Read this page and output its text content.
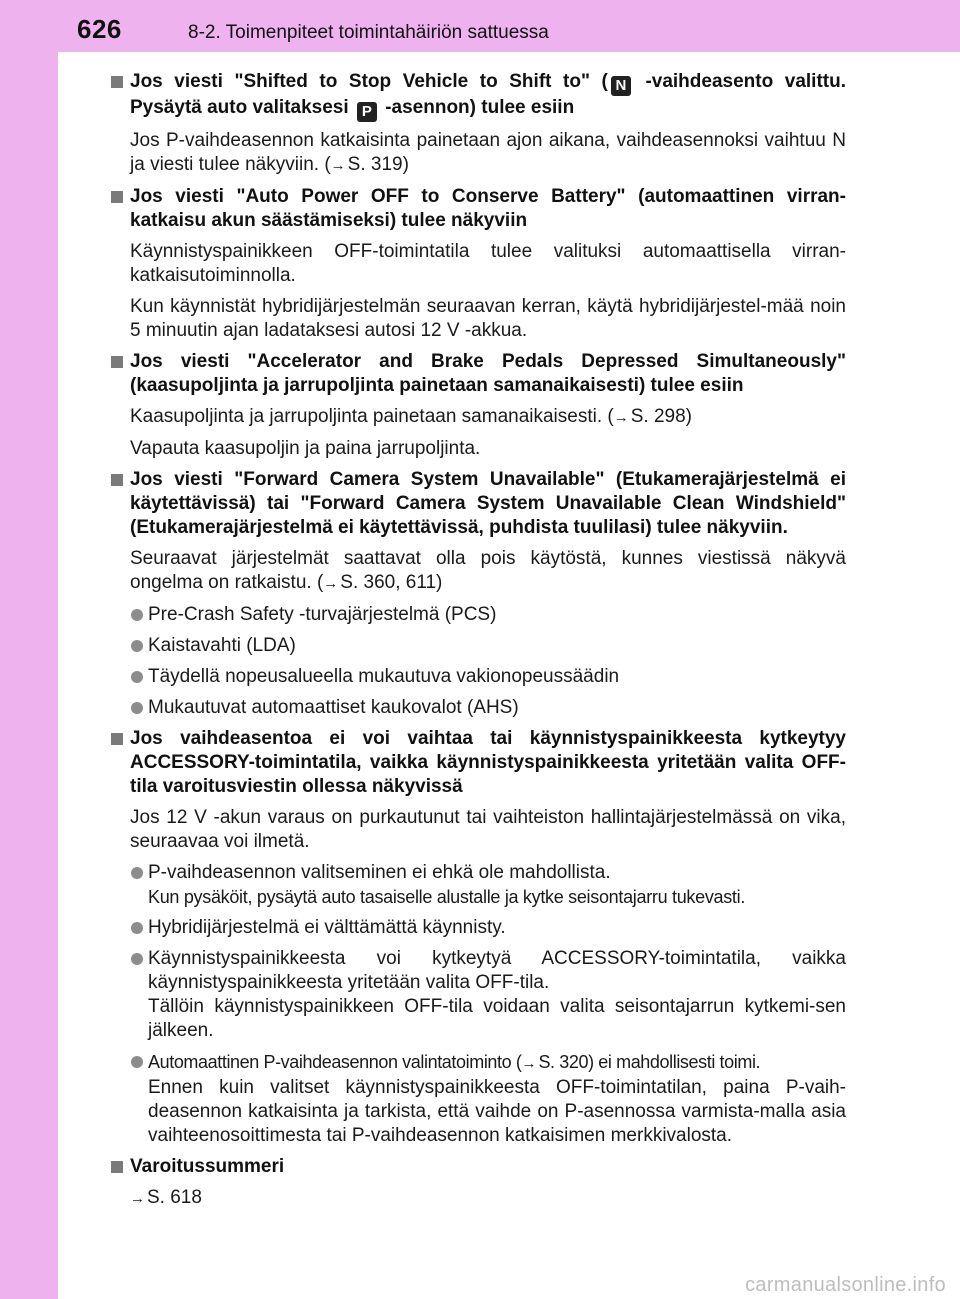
626	8-2. Toimenpiteet toimintahäiriön sattuessa
Jos viesti "Shifted to Stop Vehicle to Shift to" ( N -vaihdeasento valittu. Pysäytä auto valitaksesi P -asennon) tulee esiin
Jos P-vaihdeasennon katkaisinta painetaan ajon aikana, vaihdeasennoksi vaihtuu N ja viesti tulee näkyviin. (→ S. 319)
Jos viesti "Auto Power OFF to Conserve Battery" (automaattinen virran-katkaisu akun säästämiseksi) tulee näkyviin
Käynnistyspainikkeen OFF-toimintatila tulee valituksi automaattisella virran-katkaisutoiminnolla.
Kun käynnistät hybridijärjestelmän seuraavan kerran, käytä hybridijärjestel-mää noin 5 minuutin ajan ladataksesi autosi 12 V -akkua.
Jos viesti "Accelerator and Brake Pedals Depressed Simultaneously" (kaasupoljinta ja jarrupoljinta painetaan samanaikaisesti) tulee esiin
Kaasupoljinta ja jarrupoljinta painetaan samanaikaisesti. (→ S. 298)
Vapauta kaasupoljin ja paina jarrupoljinta.
Jos viesti "Forward Camera System Unavailable" (Etukamerajärjestelmä ei käytettävissä) tai "Forward Camera System Unavailable Clean Windshield" (Etukamerajärjestelmä ei käytettävissä, puhdista tuulilasi) tulee näkyviin.
Seuraavat järjestelmät saattavat olla pois käytöstä, kunnes viestissä näkyvä ongelma on ratkaistu. (→ S. 360, 611)
Pre-Crash Safety -turvajärjestelmä (PCS)
Kaistavahti (LDA)
Täydellä nopeusalueella mukautuva vakionopeussäädin
Mukautuvat automaattiset kaukovalot (AHS)
Jos vaihdeasentoa ei voi vaihtaa tai käynnistyspainikkeesta kytkeytyy ACCESSORY-toimintatila, vaikka käynnistyspainikkeesta yritetään valita OFF-tila varoitusviestin ollessa näkyvissä
Jos 12 V -akun varaus on purkautunut tai vaihteiston hallintajärjestelmässä on vika, seuraavaa voi ilmetä.
P-vaihdeasennon valitseminen ei ehkä ole mahdollista.
Kun pysäköit, pysäytä auto tasaiselle alustalle ja kytke seisontajarru tukevasti.
Hybridijärjestelmä ei välttämättä käynnisty.
Käynnistyspainikkeesta voi kytkeytyä ACCESSORY-toimintatila, vaikka käynnistyspainikkeesta yritetään valita OFF-tila.
Tällöin käynnistyspainikkeen OFF-tila voidaan valita seisontajarrun kytkemi-sen jälkeen.
Automaattinen P-vaihdeasennon valintatoiminto (→ S. 320) ei mahdollisesti toimi.
Ennen kuin valitset käynnistyspainikkeesta OFF-toimintatilan, paina P-vaih-deasennon katkaisinta ja tarkista, että vaihde on P-asennossa varmista-malla asia vaihteenosoittimesta tai P-vaihdeasennon katkaisimen merkkivalosta.
Varoitussummeri
→ S. 618
carmanualsonline.info
